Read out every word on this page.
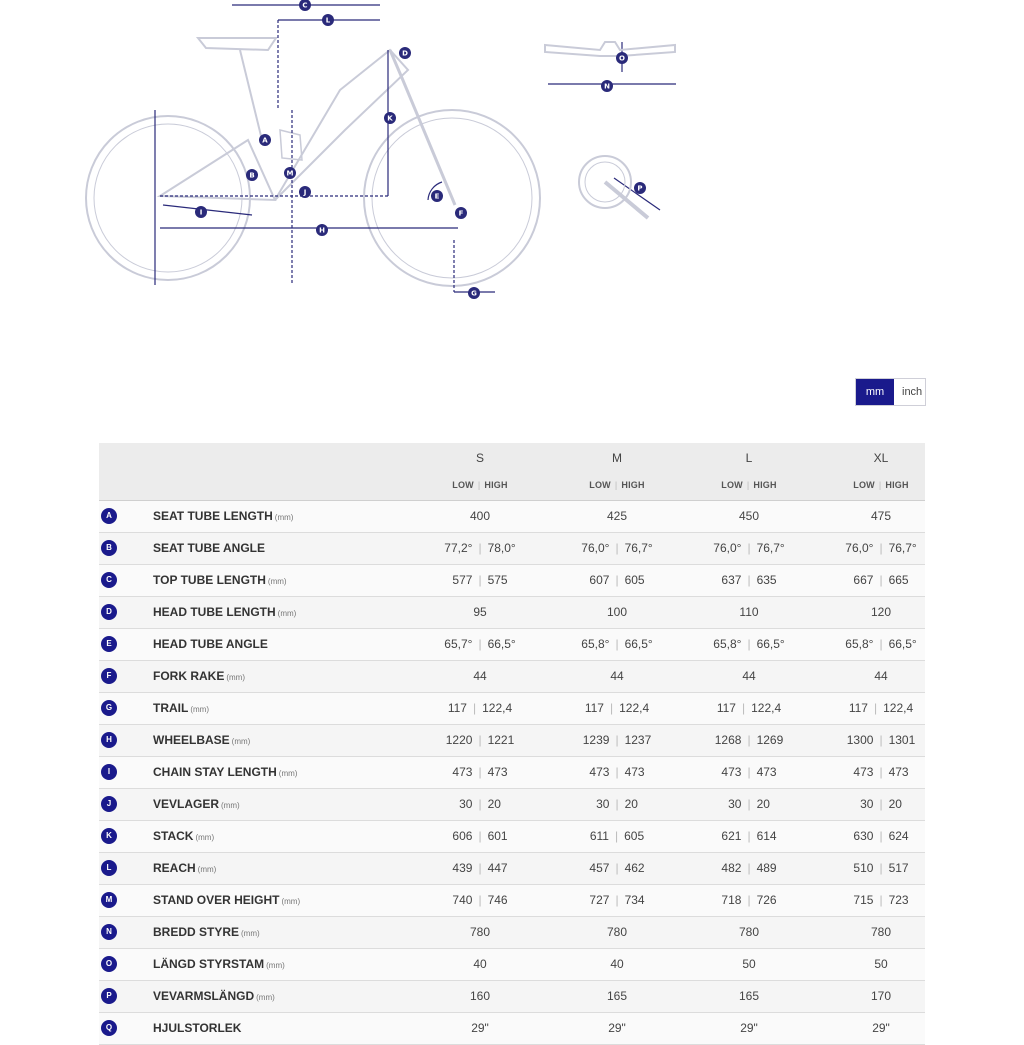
A
B
C
D
E
F
G
H
I
J
K
L
M
N
O
P
mm	inch
S	M	L	XL
LOW | HIGH	LOW | HIGH	LOW | HIGH	LOW | HIGH
A	SEAT TUBE LENGTH (mm)	400	425	450	475
B	SEAT TUBE ANGLE	77,2° | 78,0°	76,0° | 76,7°	76,0° | 76,7°	76,0° | 76,7°
C	TOP TUBE LENGTH (mm)	577 | 575	607 | 605	637 | 635	667 | 665
D	HEAD TUBE LENGTH (mm)	95	100	110	120
E	HEAD TUBE ANGLE	65,7° | 66,5°	65,8° | 66,5°	65,8° | 66,5°	65,8° | 66,5°
F	FORK RAKE (mm)	44	44	44	44
G	TRAIL (mm)	117 | 122,4	117 | 122,4	117 | 122,4	117 | 122,4
H	WHEELBASE (mm)	1220 | 1221	1239 | 1237	1268 | 1269	1300 | 1301
I	CHAIN STAY LENGTH (mm)	473 | 473	473 | 473	473 | 473	473 | 473
J	VEVLAGER (mm)	30 | 20	30 | 20	30 | 20	30 | 20
K	STACK (mm)	606 | 601	611 | 605	621 | 614	630 | 624
L	REACH (mm)	439 | 447	457 | 462	482 | 489	510 | 517
M	STAND OVER HEIGHT (mm)	740 | 746	727 | 734	718 | 726	715 | 723
N	BREDD STYRE (mm)	780	780	780	780
O	LÄNGD STYRSTAM (mm)	40	40	50	50
P	VEVARMSLÄNGD (mm)	160	165	165	170
Q	HJULSTORLEK	29"	29"	29"	29"
